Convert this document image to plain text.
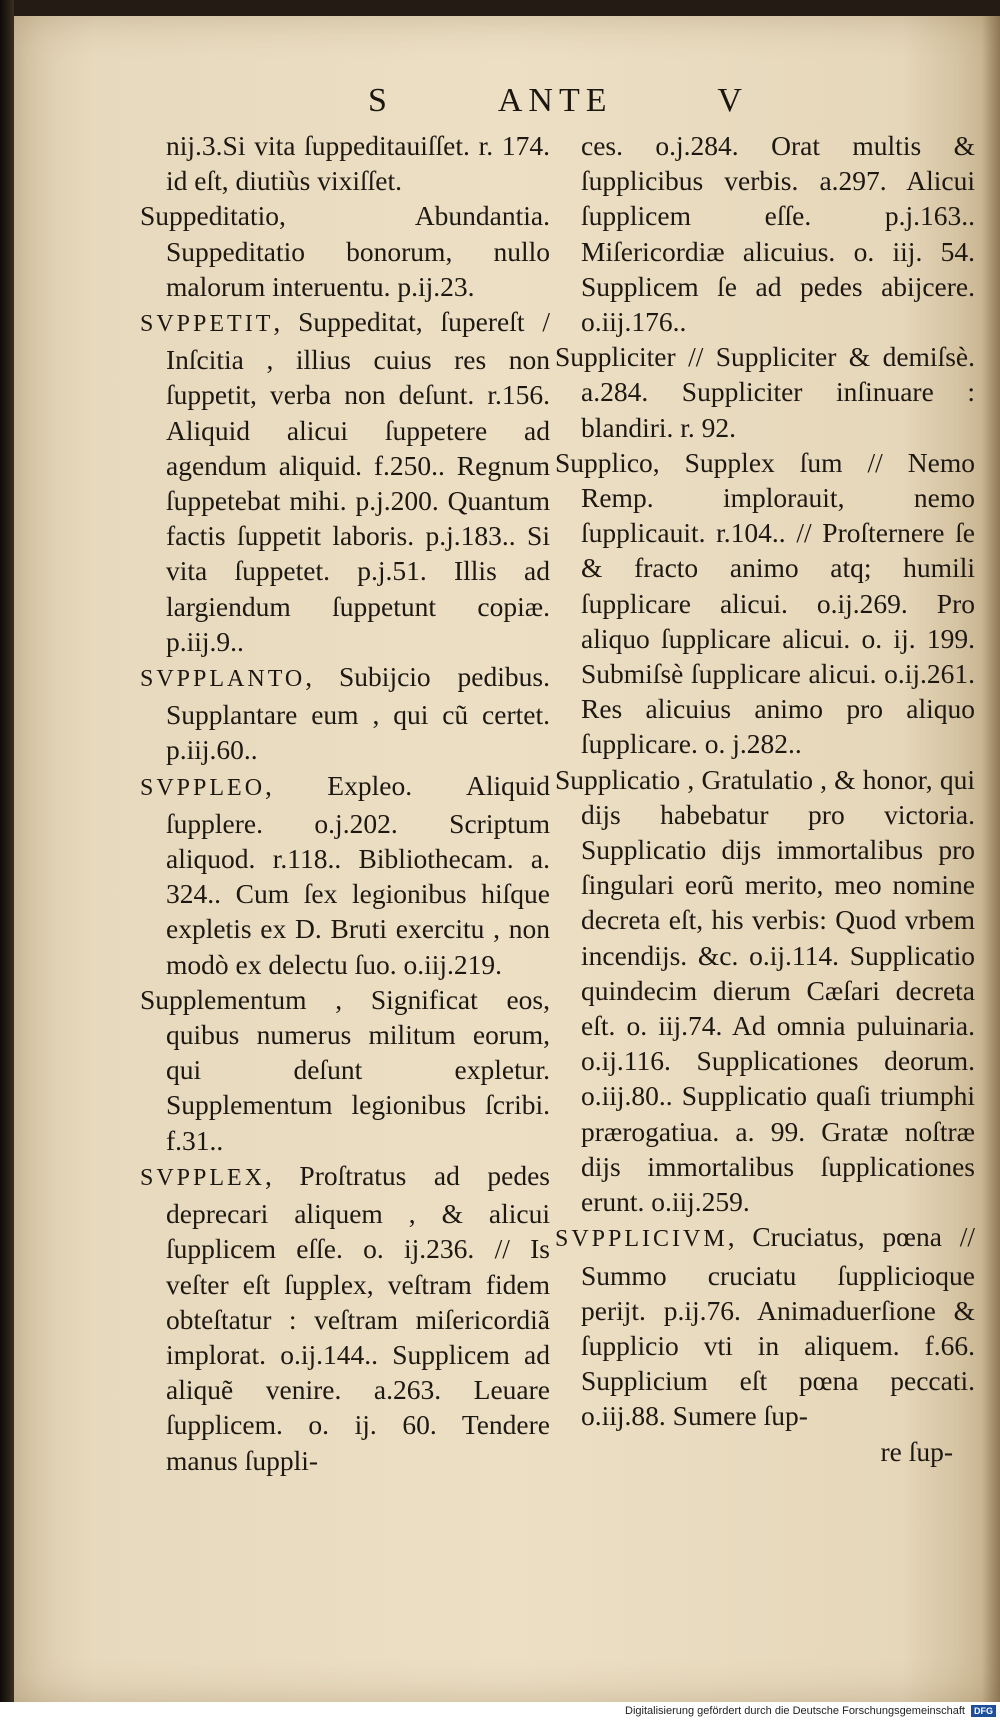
S	ANTE	V

nij.3.Si vita ſuppeditauiſſet. r. 174. id eſt, diutiùs vixiſſet.

Suppeditatio, Abundantia. Suppeditatio bonorum, nullo malorum interuentu. p.ij.23.

SVPPETIT, Suppeditat, ſupereſt / Inſcitia , illius cuius res non ſuppetit, verba non deſunt. r.156. Aliquid alicui ſuppetere ad agendum aliquid. f.250.. Regnum ſuppetebat mihi. p.j.200. Quantum factis ſuppetit laboris. p.j.183.. Si vita ſuppetet. p.j.51. Illis ad largiendum ſuppetunt copiæ. p.iij.9..

SVPPLANTO, Subijcio pedibus. Supplantare eum , qui cũ certet. p.iij.60..

SVPPLEO, Expleo. Aliquid ſupplere. o.j.202. Scriptum aliquod. r.118.. Bibliothecam. a. 324.. Cum ſex legionibus hiſque expletis ex D. Bruti exercitu , non modò ex delectu ſuo. o.iij.219.

Supplementum , Significat eos, quibus numerus militum eorum, qui deſunt expletur. Supplementum legionibus ſcribi. f.31..

SVPPLEX, Proſtratus ad pedes deprecari aliquem , & alicui ſupplicem eſſe. o. ij.236. // Is veſter eſt ſupplex, veſtram fidem obteſtatur : veſtram miſericordiã implorat. o.ij.144.. Supplicem ad aliquẽ venire. a.263. Leuare ſupplicem. o. ij. 60. Tendere manus ſuppli-

ces. o.j.284. Orat multis & ſupplicibus verbis. a.297. Alicui ſupplicem eſſe. p.j.163.. Miſericordiæ alicuius. o. iij. 54. Supplicem ſe ad pedes abijcere. o.iij.176..

Suppliciter // Suppliciter & demiſsè. a.284. Suppliciter inſinuare : blandiri. r. 92.

Supplico, Supplex ſum // Nemo Remp. implorauit, nemo ſupplicauit. r.104.. // Proſternere ſe & fracto animo atq; humili ſupplicare alicui. o.ij.269. Pro aliquo ſupplicare alicui. o. ij. 199. Submiſsè ſupplicare alicui. o.ij.261. Res alicuius animo pro aliquo ſupplicare. o. j.282..

Supplicatio , Gratulatio , & honor, qui dijs habebatur pro victoria. Supplicatio dijs immortalibus pro ſingulari eorũ merito, meo nomine decreta eſt, his verbis: Quod vrbem incendijs. &c. o.ij.114. Supplicatio quindecim dierum Cæſari decreta eſt. o. iij.74. Ad omnia puluinaria. o.ij.116. Supplicationes deorum. o.iij.80.. Supplicatio quaſi triumphi prærogatiua. a. 99. Gratæ noſtræ dijs immortalibus ſupplicationes erunt. o.iij.259.

SVPPLICIVM, Cruciatus, pœna // Summo cruciatu ſupplicioque perijt. p.ij.76. Animaduerſione & ſupplicio vti in aliquem. f.66. Supplicium eſt pœna peccati. o.iij.88. Sumere ſup-

re ſup-

Digitalisierung gefördert durch die Deutsche Forschungsgemeinschaft	DFG
